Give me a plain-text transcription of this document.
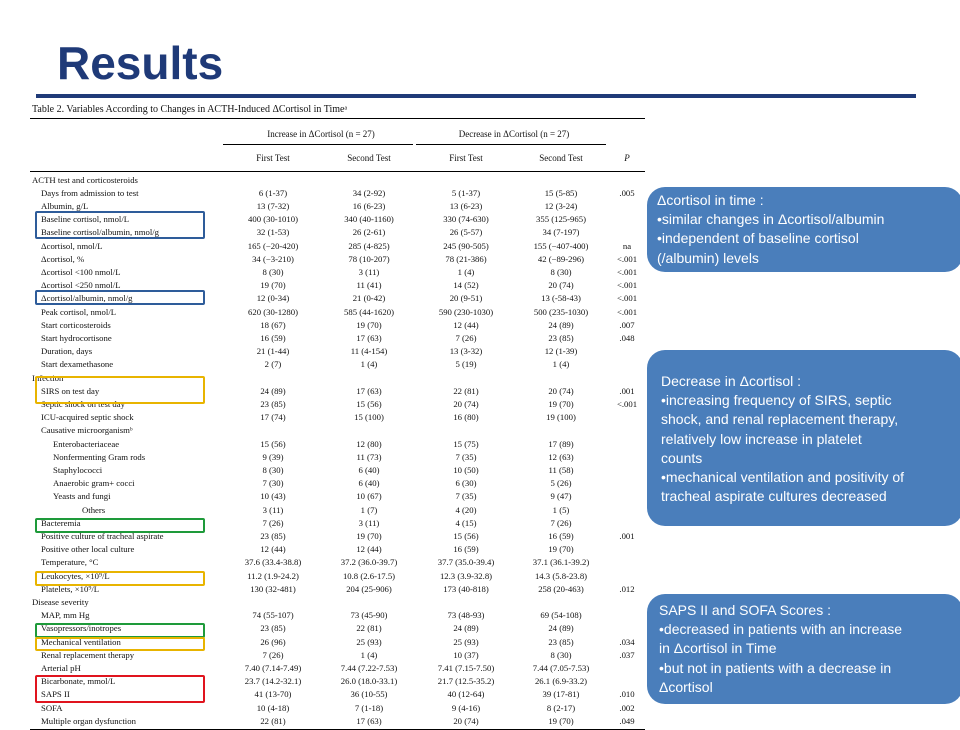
Results
Table 2. Variables According to Changes in ACTH-Induced ΔCortisol in Timeᵃ
Increase in ΔCortisol (n = 27)	Decrease in ΔCortisol (n = 27)
First Test	Second Test	First Test	Second Test	P
ACTH test and corticosteroids
Days from admission to test	6 (1-37)	34 (2-92)	5 (1-37)	15 (5-85)	.005
Albumin, g/L	13 (7-32)	16 (6-23)	13 (6-23)	12 (3-24)
Baseline cortisol, nmol/L	400 (30-1010)	340 (40-1160)	330 (74-630)	355 (125-965)
Baseline cortisol/albumin, nmol/g	32 (1-53)	26 (2-61)	26 (5-57)	34 (7-197)
Δcortisol, nmol/L	165 (−20-420)	285 (4-825)	245 (90-505)	155 (−407-400)	na
Δcortisol, %	34 (−3-210)	78 (10-207)	78 (21-386)	42 (−89-296)	<.001
Δcortisol <100 nmol/L	8 (30)	3 (11)	1 (4)	8 (30)	<.001
Δcortisol <250 nmol/L	19 (70)	11 (41)	14 (52)	20 (74)	<.001
Δcortisol/albumin, nmol/g	12 (0-34)	21 (0-42)	20 (9-51)	13 (-58-43)	<.001
Peak cortisol, nmol/L	620 (30-1280)	585 (44-1620)	590 (230-1030)	500 (235-1030)	<.001
Start corticosteroids	18 (67)	19 (70)	12 (44)	24 (89)	.007
Start hydrocortisone	16 (59)	17 (63)	7 (26)	23 (85)	.048
Duration, days	21 (1-44)	11 (4-154)	13 (3-32)	12 (1-39)
Start dexamethasone	2 (7)	1 (4)	5 (19)	1 (4)
Infection
SIRS on test day	24 (89)	17 (63)	22 (81)	20 (74)	.001
Septic shock on test day	23 (85)	15 (56)	20 (74)	19 (70)	<.001
ICU-acquired septic shock	17 (74)	15 (100)	16 (80)	19 (100)
Causative microorganismᵇ
Enterobacteriaceae	15 (56)	12 (80)	15 (75)	17 (89)
Nonfermenting Gram rods	9 (39)	11 (73)	7 (35)	12 (63)
Staphylococci	8 (30)	6 (40)	10 (50)	11 (58)
Anaerobic gram+ cocci	7 (30)	6 (40)	6 (30)	5 (26)
Yeasts and fungi	10 (43)	10 (67)	7 (35)	9 (47)
Others	3 (11)	1 (7)	4 (20)	1 (5)
Bacteremia	7 (26)	3 (11)	4 (15)	7 (26)
Positive culture of tracheal aspirate	23 (85)	19 (70)	15 (56)	16 (59)	.001
Positive other local culture	12 (44)	12 (44)	16 (59)	19 (70)
Temperature, °C	37.6 (33.4-38.8)	37.2 (36.0-39.7)	37.7 (35.0-39.4)	37.1 (36.1-39.2)
Leukocytes, ×10⁹/L	11.2 (1.9-24.2)	10.8 (2.6-17.5)	12.3 (3.9-32.8)	14.3 (5.8-23.8)
Platelets, ×10⁹/L	130 (32-481)	204 (25-906)	173 (40-818)	258 (20-463)	.012
Disease severity
MAP, mm Hg	74 (55-107)	73 (45-90)	73 (48-93)	69 (54-108)
Vasopressors/inotropes	23 (85)	22 (81)	24 (89)	24 (89)
Mechanical ventilation	26 (96)	25 (93)	25 (93)	23 (85)	.034
Renal replacement therapy	7 (26)	1 (4)	10 (37)	8 (30)	.037
Arterial pH	7.40 (7.14-7.49)	7.44 (7.22-7.53)	7.41 (7.15-7.50)	7.44 (7.05-7.53)
Bicarbonate, mmol/L	23.7 (14.2-32.1)	26.0 (18.0-33.1)	21.7 (12.5-35.2)	26.1 (6.9-33.2)
SAPS II	41 (13-70)	36 (10-55)	40 (12-64)	39 (17-81)	.010
SOFA	10 (4-18)	7 (1-18)	9 (4-16)	8 (2-17)	.002
Multiple organ dysfunction	22 (81)	17 (63)	20 (74)	19 (70)	.049
Δcortisol in time :
•similar changes in Δcortisol/albumin
•independent of baseline cortisol
(/albumin) levels
Decrease in Δcortisol :
•increasing frequency of SIRS, septic
shock, and renal replacement therapy,
relatively low increase in platelet
counts
•mechanical ventilation and positivity of
tracheal aspirate cultures decreased
SAPS II and SOFA Scores :
•decreased in patients with an increase
in Δcortisol in Time
•but not in patients with a decrease in
Δcortisol
